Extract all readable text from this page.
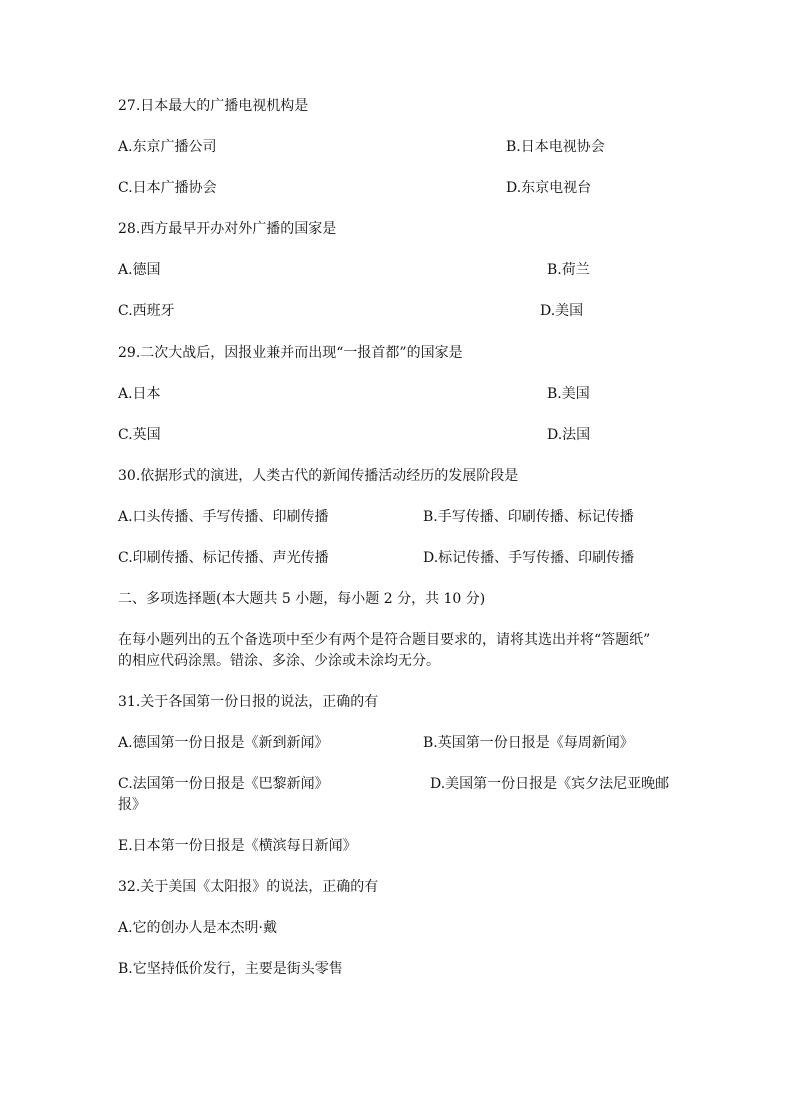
27.日本最大的广播电视机构是
A.东京广播公司	B.日本电视协会
C.日本广播协会	D.东京电视台
28.西方最早开办对外广播的国家是
A.德国	B.荷兰
C.西班牙	D.美国
29.二次大战后，因报业兼并而出现“一报首都”的国家是
A.日本	B.美国
C.英国	D.法国
30.依据形式的演进，人类古代的新闻传播活动经历的发展阶段是
A.口头传播、手写传播、印刷传播	B.手写传播、印刷传播、标记传播
C.印刷传播、标记传播、声光传播	D.标记传播、手写传播、印刷传播
二、多项选择题(本大题共 5 小题，每小题 2 分，共 10 分)
在每小题列出的五个备选项中至少有两个是符合题目要求的，请将其选出并将“答题纸”
的相应代码涂黑。错涂、多涂、少涂或未涂均无分。
31.关于各国第一份日报的说法，正确的有
A.德国第一份日报是《新到新闻》	B.英国第一份日报是《每周新闻》
C.法国第一份日报是《巴黎新闻》	D.美国第一份日报是《宾夕法尼亚晚邮
报》
E.日本第一份日报是《横滨每日新闻》
32.关于美国《太阳报》的说法，正确的有
A.它的创办人是本杰明·戴
B.它坚持低价发行，主要是街头零售
